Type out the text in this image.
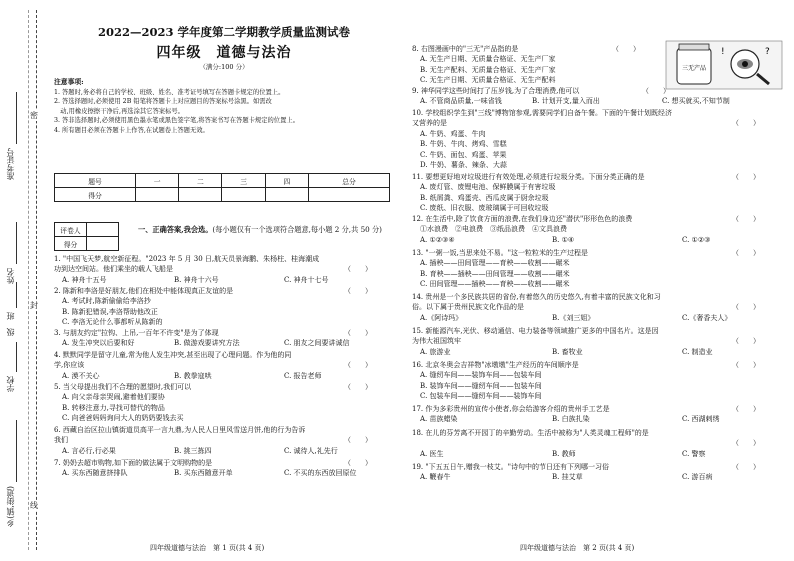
准考证号
姓名
班
级
学校
乡(镇,街道)
密
封
线
2022—2023 学年度第二学期教学质量监测试卷
四年级　道德与法治
（满分:100 分）
注意事项:
1. 答题时,务必将自己的学校、班级、姓名、准考证号填写在答题卡规定的位置上。
2. 答选择题时,必须使用 2B 铅笔将答题卡上对应题目的答案标号涂黑。如需改
　动,用橡皮擦擦干净后,再选涂其它答案标号。
3. 答非选择题时,必须使用黑色墨水笔或黑色签字笔,将答案书写在答题卡规定的位置上。
4. 所有题目必须在答题卡上作答,在试题卷上答题无效。
题号	一	二	三	四	总分
得分					
评卷人	
得分	
一、正确答案,我会选。(每小题仅有一个选项符合题意,每小题 2 分,共 50 分)
1. "中国飞天梦,航空新征程。"2023 年 5 月 30 日,航天员景海鹏、朱杨柱、桂海潮成
功到达空间站。他们乘坐的载人飞船是	（　　）
A. 神舟十五号	B. 神舟十六号	C. 神舟十七号
2. 陈新和李洛是好朋友,他们在相处中能体现真正友谊的是	（　　）
A. 考试时,陈新偷偷给李洛抄
B. 陈新犯错误,李洛帮助他改正
C. 李洛无论什么事都听从陈新的
3. 与朋友约定"拉钩、上吊,一百年不许变"是为了体现	（　　）
A. 发生冲突以后要和好	B. 做游戏要讲究方法	C. 朋友之间要讲诚信
4. 默默同学是留守儿童,常为他人发生冲突,甚至出现了心理问题。作为他的同
学,你应该	（　　）
A. 漠不关心	B. 教拳寇哄	C. 报告老师
5. 当父母提出我们不合理的愿望时,我们可以	（　　）
A. 向父亲母亲哭闹,避着他们要协
B. 转移注意力,寻找可替代的物品
C. 向爸爸妈妈询问大人的奶奶要钱去买
6. 西藏自治区拉山镇街道员高平一言九鼎,为人民人日里风雪送月饼,他的行为告诉
我们	（　　）
A. 言必行,行必果	B. 挑三拣四	C. 诚待人,礼先行
7. 奶奶去超市购物,如下面的做法属于文明购物的是	（　　）
A. 买东西随意挤排队	B. 买东西随意开单	C. 不买的东西放回原位
四年级道德与法治　第 1 页(共 4 页)
三无产品
?
!
8. 右图漫画中的"三无"产品指的是	（　　）
A. 无生产日期、无质量合格证、无生产厂家
B. 无生产配料、无质量合格证、无生产厂家
C. 无生产日期、无质量合格证、无生产配料
9. 神华同学这些时间打了压岁钱,为了合理消费,他可以	（　　）
A. 不管商品质量,一味省钱	B. 计划开支,量入而出	C. 想买就买,不知节制
10. 学校组织学生到"三线"博物馆参观,需要同学们自备午餐。下面的午餐计划既经济
又营养的是	（　　）
A. 牛奶、鸡蛋、牛肉
B. 牛奶、牛肉、烤鸡、雪糕
C. 牛奶、面包、鸡蛋、苹果
D. 牛奶、薯条、辣条、大蒜
11. 要想更好地对垃圾进行有效处理,必须进行垃圾分类。下面分类正确的是	（　　）
A. 废灯管、废锂电池、保鲜膜属于有害垃圾
B. 纸屑粪、鸡蛋壳、西瓜皮属于厨余垃圾
C. 废纸、旧衣服、废玻璃属于可回收垃圾
12. 在生活中,除了饮食方面的浪费,在我们身边还"潜伏"形形色色的浪费
①水浪费　②电浪费　③纸品浪费　④文具浪费
（　　）
A. ①②③④	B. ①④	C. ①②③
13. "一粥一饭,当思来处不易。"这一粒粒米的生产过程是	（　　）
A. 插秧——田间管理——育秧——收割——碾米
B. 育秧——插秧——田间管理——收割——碾米
C. 田间管理——插秧——育秧——收割——碾米
14. 贵州是一个多民族共居的省份,有着悠久的历史悠久,有着丰富的民族文化和习
俗。以下属于贵州民族文化作品的是	（　　）
A.《阿诗玛》	B.《刘三姐》	C.《奢香夫人》
15. 新能源汽车,光伏、移动通信、电力装备等领域推广更多的中国名片。这是因
为伟大祖国筑牢	（　　）
A. 旅游业	B. 畜牧业	C. 制造业
16. 北京冬奥会吉祥物"冰墩墩"生产经历的车间顺序是	（　　）
A. 缝纫车间——装饰车间——包装车间
B. 装饰车间——缝纫车间——包装车间
C. 包装车间——缝纫车间——装饰车间
17. 作为多彩贵州的宣传小使者,你会给游客介绍的贵州手工艺是	（　　）
A. 苗族蜡染	B. 白族扎染	C. 西湖刺绣
18. 在儿的芬芳离不开园丁的辛勤劳动。生活中被称为"人类灵魂工程师"的是
（　　）
A. 医生	B. 教师	C. 警察
19. "下五五日午,赠我一枝艾。"诗句中的节日还有下列哪一习俗	（　　）
A. 鞭春牛	B. 挂艾草	C. 游百病
四年级道德与法治　第 2 页(共 4 页)
